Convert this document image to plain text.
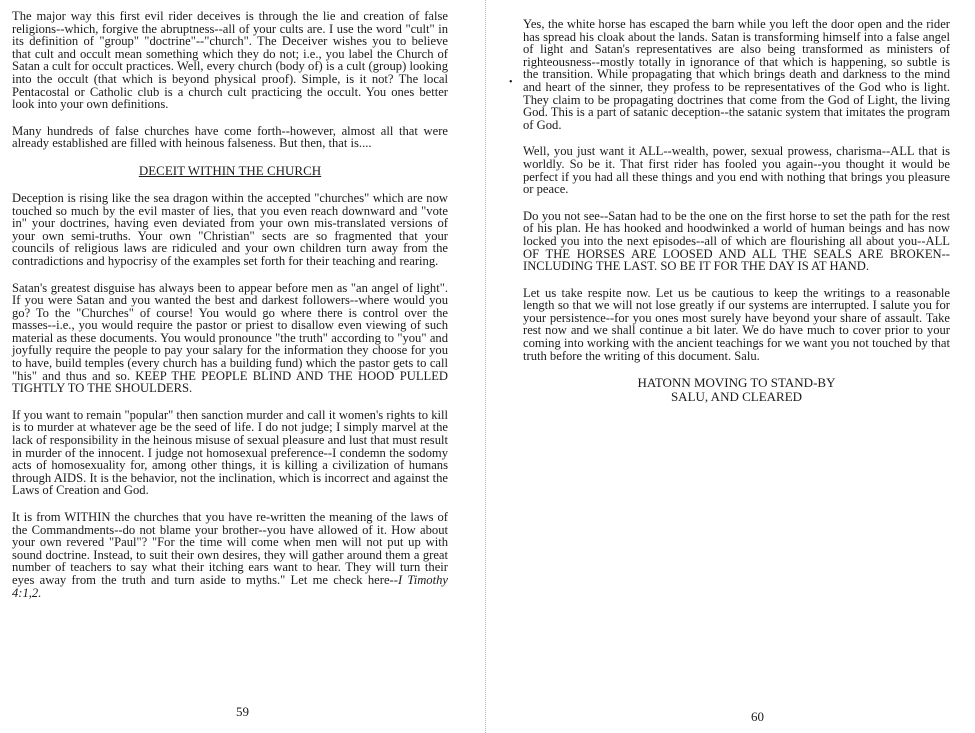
The major way this first evil rider deceives is through the lie and creation of false religions--which, forgive the abruptness--all of your cults are. I use the word "cult" in its definition of "group" "doctrine"--"church". The Deceiver wishes you to believe that cult and occult mean something which they do not; i.e., you label the Church of Satan a cult for occult practices. Well, every church (body of) is a cult (group) looking into the occult (that which is beyond physical proof). Simple, is it not? The local Pentacostal or Catholic club is a church cult practicing the occult. You ones better look into your own definitions.

Many hundreds of false churches have come forth--however, almost all that were already established are filled with heinous falseness. But then, that is....

DECEIT WITHIN THE CHURCH

Deception is rising like the sea dragon within the accepted "churches" which are now touched so much by the evil master of lies, that you even reach downward and "vote in" your doctrines, having even deviated from your own mis-translated versions of your own semi-truths. Your own "Christian" sects are so fragmented that your councils of religious laws are ridiculed and your own children turn away from the contradictions and hypocrisy of the examples set forth for their teaching and rearing.

Satan's greatest disguise has always been to appear before men as "an angel of light". If you were Satan and you wanted the best and darkest followers--where would you go? To the "Churches" of course! You would go where there is control over the masses--i.e., you would require the pastor or priest to disallow even viewing of such material as these documents. You would pronounce "the truth" according to "you" and joyfully require the people to pay your salary for the information they choose for you to have, build temples (every church has a building fund) which the pastor gets to call "his" and thus and so. KEEP THE PEOPLE BLIND AND THE HOOD PULLED TIGHTLY TO THE SHOULDERS.

If you want to remain "popular" then sanction murder and call it women's rights to kill is to murder at whatever age be the seed of life. I do not judge; I simply marvel at the lack of responsibility in the heinous misuse of sexual pleasure and lust that must result in murder of the innocent. I judge not homosexual preference--I condemn the sodomy acts of homosexuality for, among other things, it is killing a civilization of humans through AIDS. It is the behavior, not the inclination, which is incorrect and against the Laws of Creation and God.

It is from WITHIN the churches that you have re-written the meaning of the laws of the Commandments--do not blame your brother--you have allowed of it. How about your own revered "Paul"? "For the time will come when men will not put up with sound doctrine. Instead, to suit their own desires, they will gather around them a great number of teachers to say what their itching ears want to hear. They will turn their eyes away from the truth and turn aside to myths." Let me check here--I Timothy 4:1,2.

59
•

Yes, the white horse has escaped the barn while you left the door open and the rider has spread his cloak about the lands. Satan is transforming himself into a false angel of light and Satan's representatives are also being transformed as ministers of righteousness--mostly totally in ignorance of that which is happening, so subtle is the transition. While propagating that which brings death and darkness to the mind and heart of the sinner, they profess to be representatives of the God who is light. They claim to be propagating doctrines that come from the God of Light, the living God. This is a part of satanic deception--the satanic system that imitates the program of God.

Well, you just want it ALL--wealth, power, sexual prowess, charisma--ALL that is worldly. So be it. That first rider has fooled you again--you thought it would be perfect if you had all these things and you end with nothing that brings you pleasure or peace.

Do you not see--Satan had to be the one on the first horse to set the path for the rest of his plan. He has hooked and hoodwinked a world of human beings and has now locked you into the next episodes--all of which are flourishing all about you--ALL OF THE HORSES ARE LOOSED AND ALL THE SEALS ARE BROKEN--INCLUDING THE LAST. SO BE IT FOR THE DAY IS AT HAND.

Let us take respite now. Let us be cautious to keep the writings to a reasonable length so that we will not lose greatly if our systems are interrupted. I salute you for your persistence--for you ones most surely have beyond your share of assault. Take rest now and we shall continue a bit later. We do have much to cover prior to your coming into working with the ancient teachings for we want you not touched by that truth before the writing of this document. Salu.

HATONN MOVING TO STAND-BY
SALU, AND CLEARED
60
